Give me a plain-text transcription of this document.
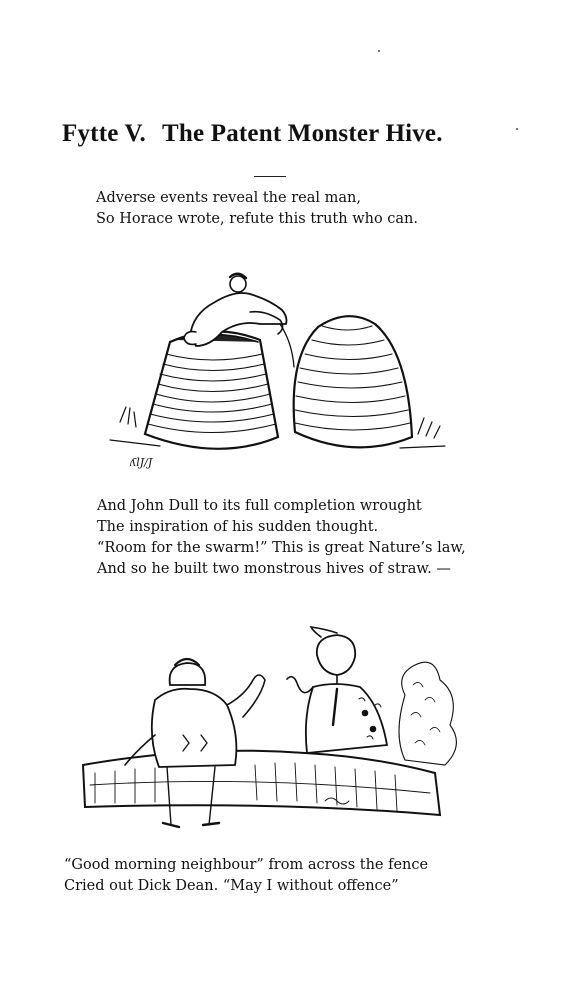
Fytte V. The Patent Monster Hive.
Adverse events reveal the real man,
So Horace wrote, refute this truth who can.
ʎlJ/J
And John Dull to its full completion wrought
The inspiration of his sudden thought.
“Room for the swarm!” This is great Nature’s law,
And so he built two monstrous hives of straw. —
“Good morning neighbour” from across the fence
Cried out Dick Dean. “May I without offence”
